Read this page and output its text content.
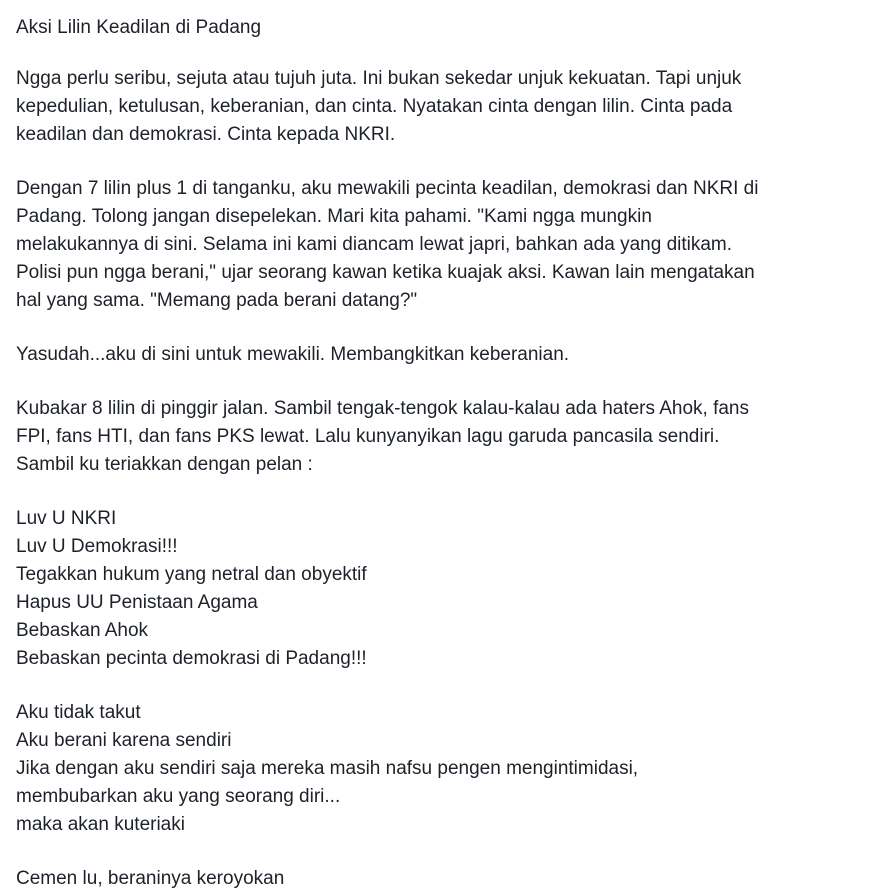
Aksi Lilin Keadilan di Padang

Ngga perlu seribu, sejuta atau tujuh juta. Ini bukan sekedar unjuk kekuatan. Tapi unjuk
kepedulian, ketulusan, keberanian, dan cinta. Nyatakan cinta dengan lilin. Cinta pada
keadilan dan demokrasi. Cinta kepada NKRI.

Dengan 7 lilin plus 1 di tanganku, aku mewakili pecinta keadilan, demokrasi dan NKRI di
Padang. Tolong jangan disepelekan. Mari kita pahami. "Kami ngga mungkin
melakukannya di sini. Selama ini kami diancam lewat japri, bahkan ada yang ditikam.
Polisi pun ngga berani," ujar seorang kawan ketika kuajak aksi. Kawan lain mengatakan
hal yang sama. "Memang pada berani datang?"

Yasudah...aku di sini untuk mewakili. Membangkitkan keberanian.

Kubakar 8 lilin di pinggir jalan. Sambil tengak-tengok kalau-kalau ada haters Ahok, fans
FPI, fans HTI, dan fans PKS lewat. Lalu kunyanyikan lagu garuda pancasila sendiri.
Sambil ku teriakkan dengan pelan :

Luv U NKRI
Luv U Demokrasi!!!
Tegakkan hukum yang netral dan obyektif
Hapus UU Penistaan Agama
Bebaskan Ahok
Bebaskan pecinta demokrasi di Padang!!!

Aku tidak takut
Aku berani karena sendiri
Jika dengan aku sendiri saja mereka masih nafsu pengen mengintimidasi,
membubarkan aku yang seorang diri...
maka akan kuteriaki

Cemen lu, beraninya keroyokan
